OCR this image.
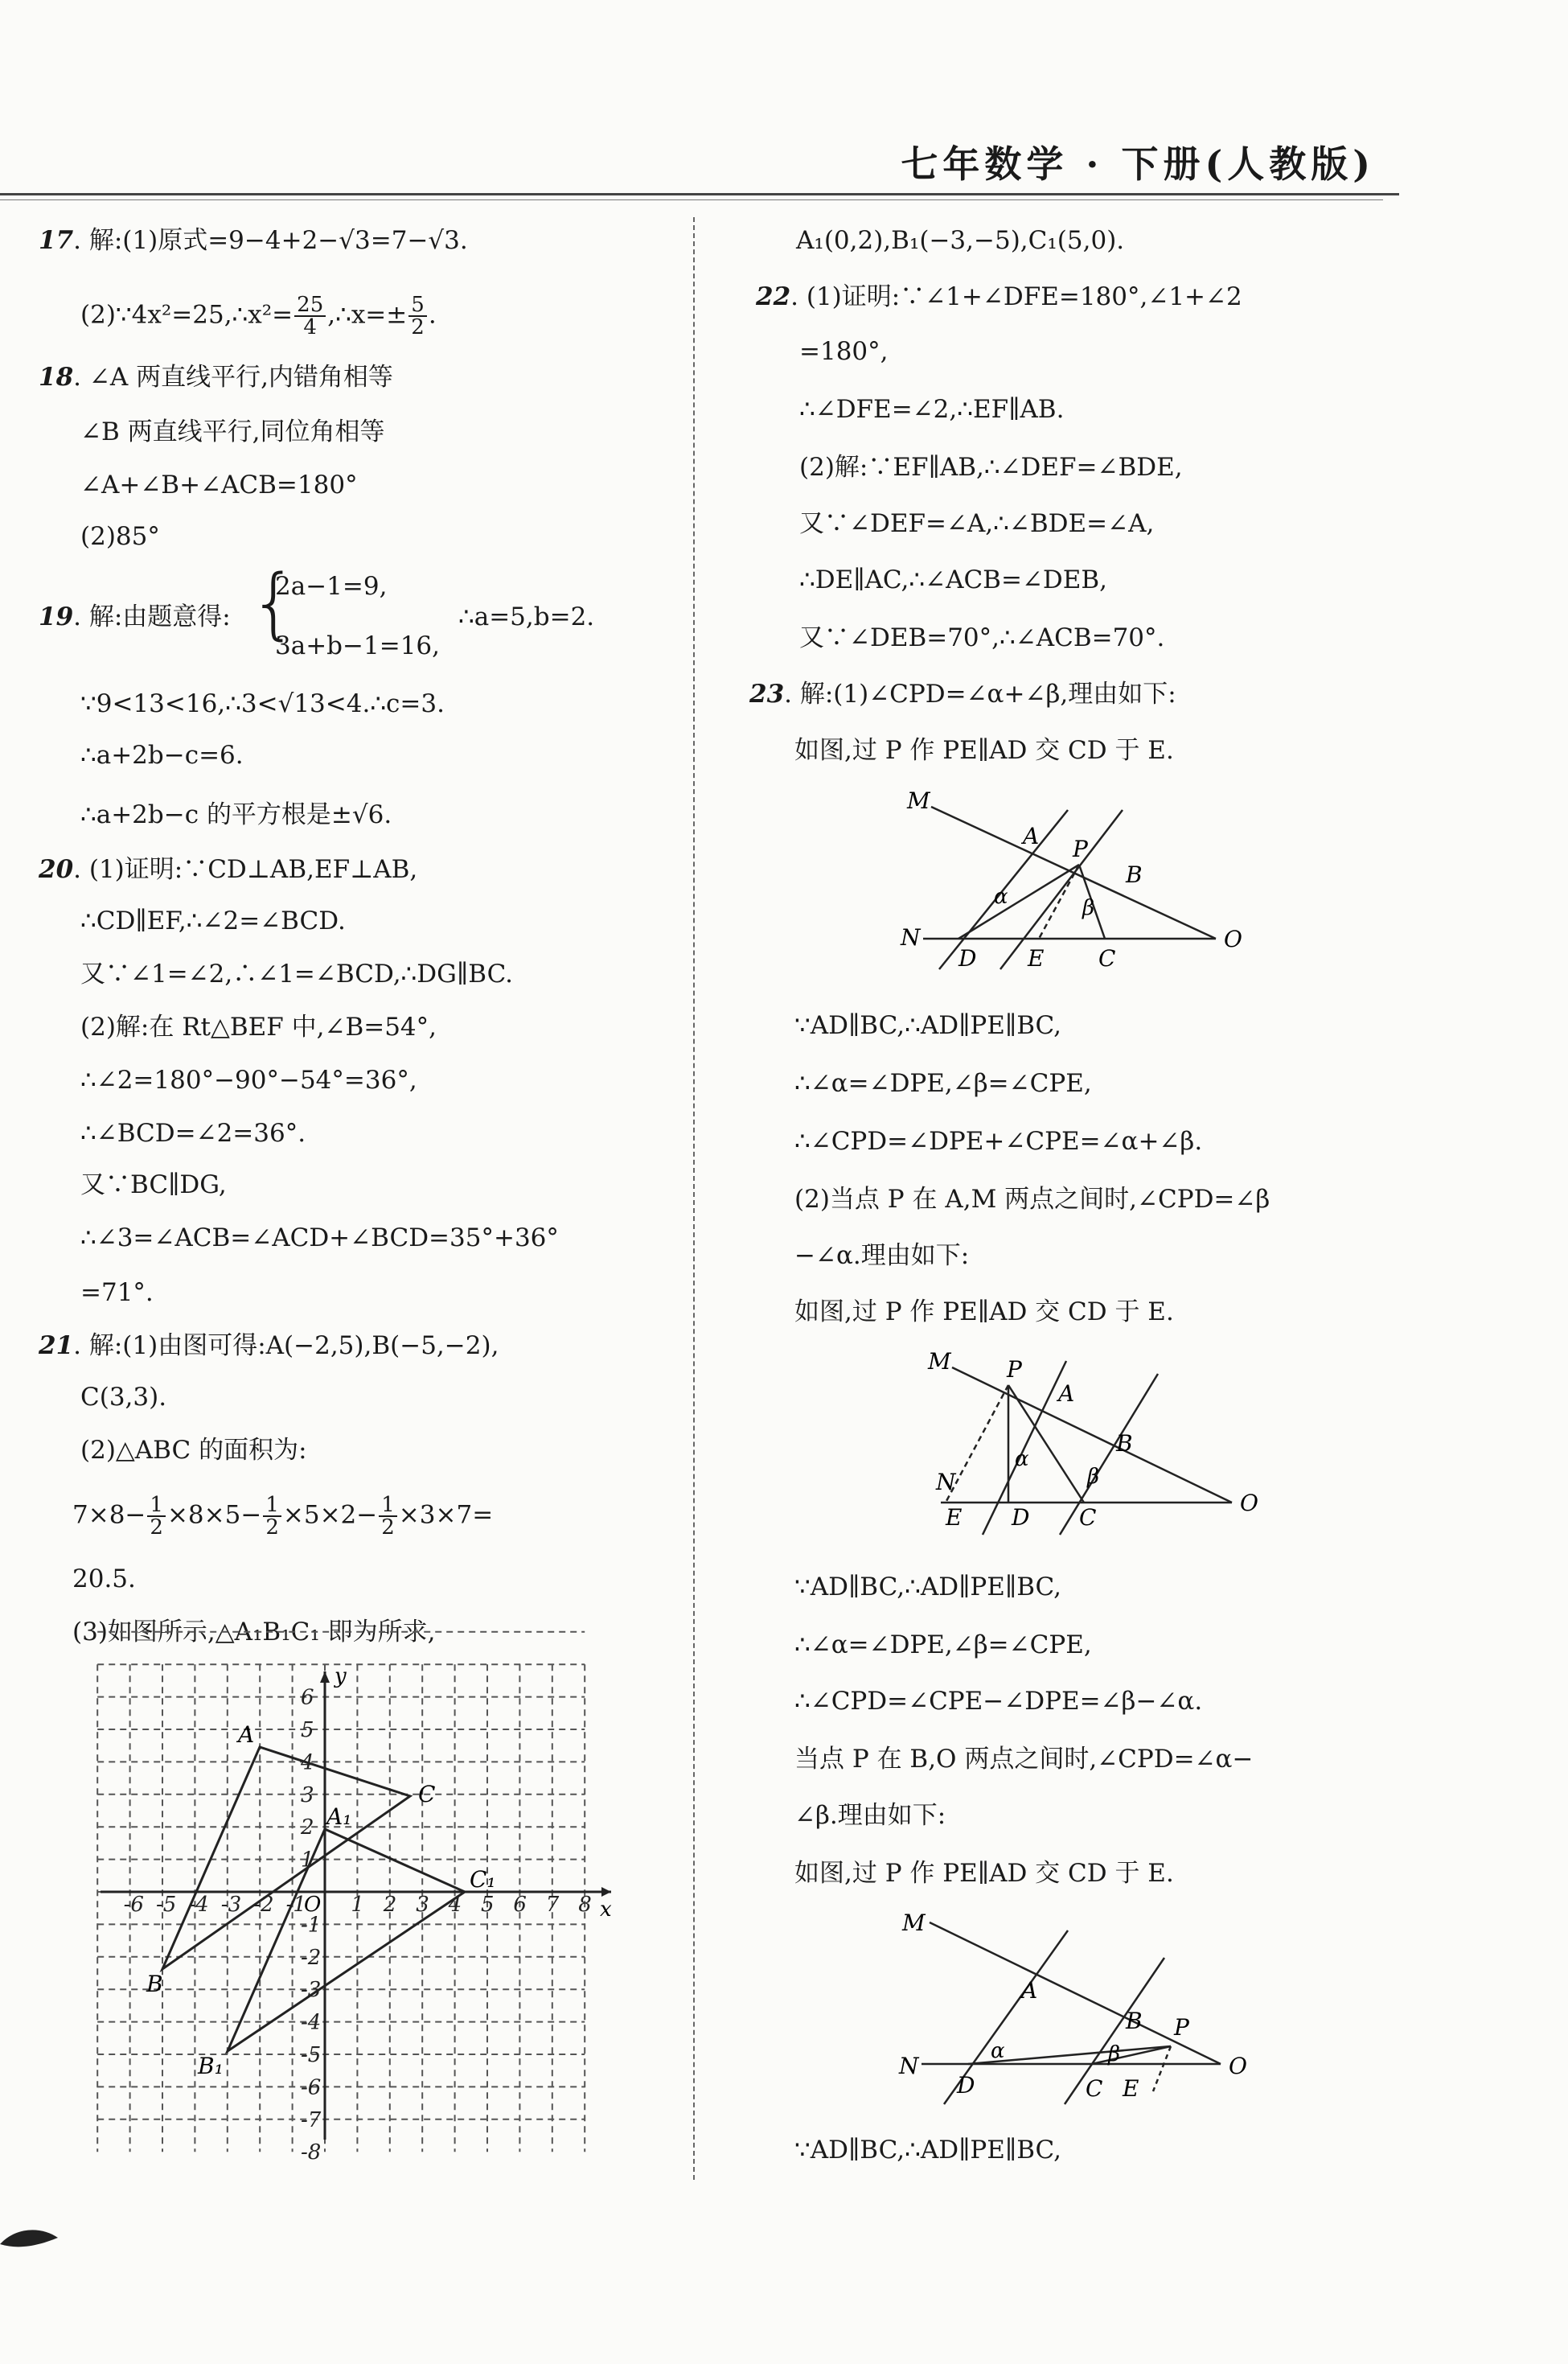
七年数学 · 下册(人教版)
17. 解:(1)原式=9−4+2−√3=7−√3.
(2)∵4x²=25,∴x²= $\frac{25}{4}$ ,∴x=± $\frac{5}{2}$ .
18. ∠A 两直线平行,内错角相等
∠B 两直线平行,同位角相等
∠A+∠B+∠ACB=180°
(2)85°
19. 解:由题意得: {
2a−1=9,
3a+b−1=16,
∴a=5,b=2.
∵9<13<16,∴3<√13<4.∴c=3.
∴a+2b−c=6.
∴a+2b−c 的平方根是±√6.
20. (1)证明:∵CD⊥AB,EF⊥AB,
∴CD∥EF,∴∠2=∠BCD.
又∵∠1=∠2,∴∠1=∠BCD,∴DG∥BC.
(2)解:在 Rt△BEF 中,∠B=54°,
∴∠2=180°−90°−54°=36°,
∴∠BCD=∠2=36°.
又∵BC∥DG,
∴∠3=∠ACB=∠ACD+∠BCD=35°+36°
=71°.
21. 解:(1)由图可得:A(−2,5),B(−5,−2),
C(3,3).
(2)△ABC 的面积为:
$7\times 8- \frac{1}{2} \times 8\times 5- \frac{1}{2} \times 5\times 2- \frac{1}{2} \times 3\times 7=$
20.5.
(3)如图所示,△A₁B₁C₁ 即为所求,
-6 -5 -4 -3 -2 -1 1 2 3 4 5 6 7 8
6
5
4
3
2
1
-1
-2
-3
-4
-5
-6
-7
-8
x
y
O
A
B
C
A₁
B₁
C₁
A₁(0,2),B₁(−3,−5),C₁(5,0).
22. (1)证明:∵∠1+∠DFE=180°,∠1+∠2
=180°,
∴∠DFE=∠2,∴EF∥AB.
(2)解:∵EF∥AB,∴∠DEF=∠BDE,
又∵∠DEF=∠A,∴∠BDE=∠A,
∴DE∥AC,∴∠ACB=∠DEB,
又∵∠DEB=70°,∴∠ACB=70°.
23. 解:(1)∠CPD=∠α+∠β,理由如下:
如图,过 P 作 PE∥AD 交 CD 于 E.
M
N	O
A
B
C
D E
P
α	β
∵AD∥BC,∴AD∥PE∥BC,
∴∠α=∠DPE,∠β=∠CPE,
∴∠CPD=∠DPE+∠CPE=∠α+∠β.
(2)当点 P 在 A,M 两点之间时,∠CPD=∠β
−∠α.理由如下:
如图,过 P 作 PE∥AD 交 CD 于 E.
M
N
O
P
A
B
C
D
E
α
β
∵AD∥BC,∴AD∥PE∥BC,
∴∠α=∠DPE,∠β=∠CPE,
∴∠CPD=∠CPE−∠DPE=∠β−∠α.
当点 P 在 B,O 两点之间时,∠CPD=∠α−
∠β.理由如下:
如图,过 P 作 PE∥AD 交 CD 于 E.
M
N	O
A
B P
C
D	E
α	β
∵AD∥BC,∴AD∥PE∥BC,
